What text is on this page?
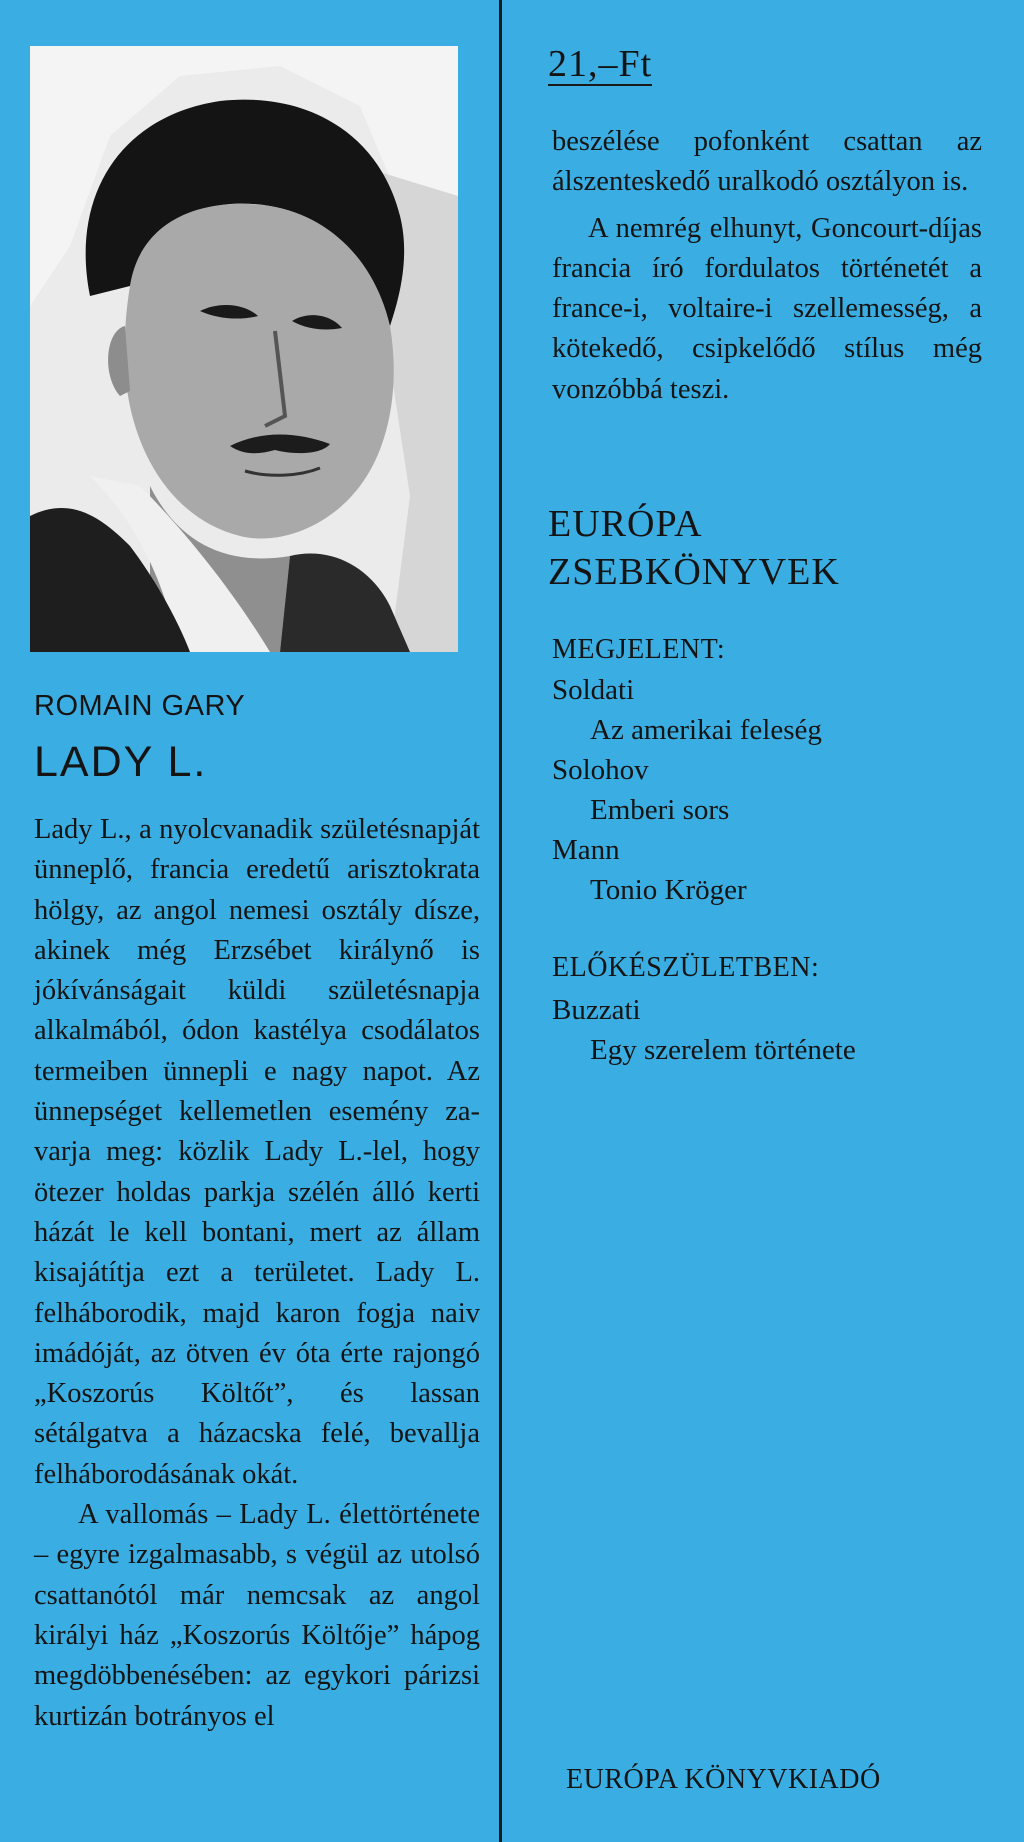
ROMAIN GARY
LADY L.

Lady L., a nyolcvanadik születésnapját ünneplő, francia eredetű arisztokrata hölgy, az angol nemesi osztály dísze, akinek még Erzsébet királynő is jókívánságait küldi születésnapja alkalmából, ódon kastélya csodálatos termeiben ünnepli e nagy napot. Az ünnepséget kellemetlen esemény zavarja meg: közlik Lady L.-lel, hogy ötezer holdas parkja szélén álló kerti házát le kell bontani, mert az állam kisajátítja ezt a területet. Lady L. felháborodik, majd karon fogja naiv imádóját, az ötven év óta érte rajongó „Koszorús Költőt”, és lassan sétálgatva a házacska felé, bevallja felháborodásának okát.

A vallomás – Lady L. élettörténete – egyre izgalmasabb, s végül az utolsó csattanótól már nemcsak az angol királyi ház „Koszorús Költője” hápog megdöbbenésében: az egykori párizsi kurtizán botrányos el

21,–Ft

beszélése pofonként csattan az álszenteskedő uralkodó osztályon is.

A nemrég elhunyt, Goncourt-díjas francia író fordulatos történetét a france-i, voltaire-i szellemesség, a kötekedő, csipkelődő stílus még vonzóbbá teszi.

EURÓPA
ZSEBKÖNYVEK
MEGJELENT:
Soldati
Az amerikai feleség
Solohov
Emberi sors
Mann
Tonio Kröger
ELŐKÉSZÜLETBEN:
Buzzati
Egy szerelem története
EURÓPA KÖNYVKIADÓ
